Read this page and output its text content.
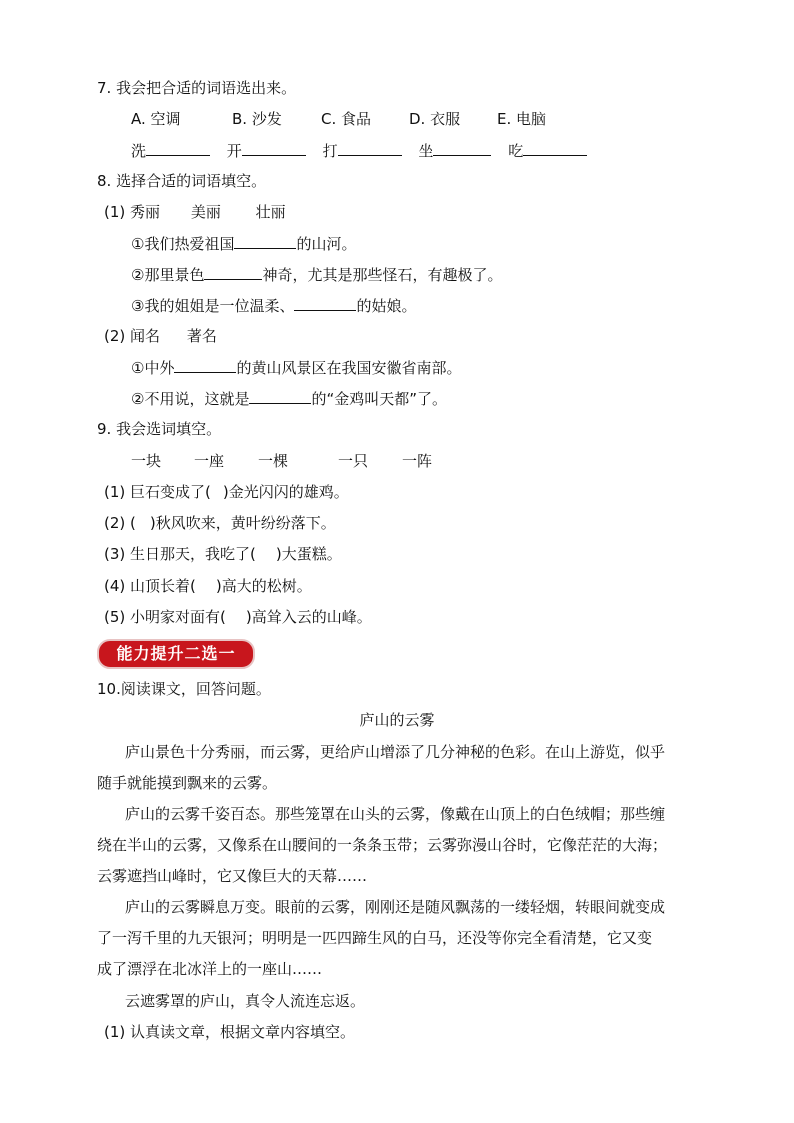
7. 我会把合适的词语选出来。
A. 空调	B. 沙发	C. 食品	D. 衣服 E. 电脑
洗	开	打	坐	吃
8. 选择合适的词语填空。
(1) 秀丽 美丽 壮丽
①我们热爱祖国	的山河。
②那里景色	神奇，尤其是那些怪石，有趣极了。
③我的姐姐是一位温柔、	的姑娘。
(2) 闻名 著名
①中外	的黄山风景区在我国安徽省南部。
②不用说，这就是	的“金鸡叫天都”了。
9. 我会选词填空。
一块 一座 一棵	一只 一阵
(1) 巨石变成了( )金光闪闪的雄鸡。
(2) ( )秋风吹来，黄叶纷纷落下。
(3) 生日那天，我吃了( )大蛋糕。
(4) 山顶长着( )高大的松树。
(5) 小明家对面有( )高耸入云的山峰。
能力提升二选一
10.阅读课文，回答问题。
庐山的云雾
庐山景色十分秀丽，而云雾，更给庐山增添了几分神秘的色彩。在山上游览，似乎
随手就能摸到飘来的云雾。
庐山的云雾千姿百态。那些笼罩在山头的云雾，像戴在山顶上的白色绒帽；那些缠
绕在半山的云雾，又像系在山腰间的一条条玉带；云雾弥漫山谷时，它像茫茫的大海；
云雾遮挡山峰时，它又像巨大的天幕……
庐山的云雾瞬息万变。眼前的云雾，刚刚还是随风飘荡的一缕轻烟，转眼间就变成
了一泻千里的九天银河；明明是一匹四蹄生风的白马，还没等你完全看清楚，它又变
成了漂浮在北冰洋上的一座山……
云遮雾罩的庐山，真令人流连忘返。
(1) 认真读文章，根据文章内容填空。
